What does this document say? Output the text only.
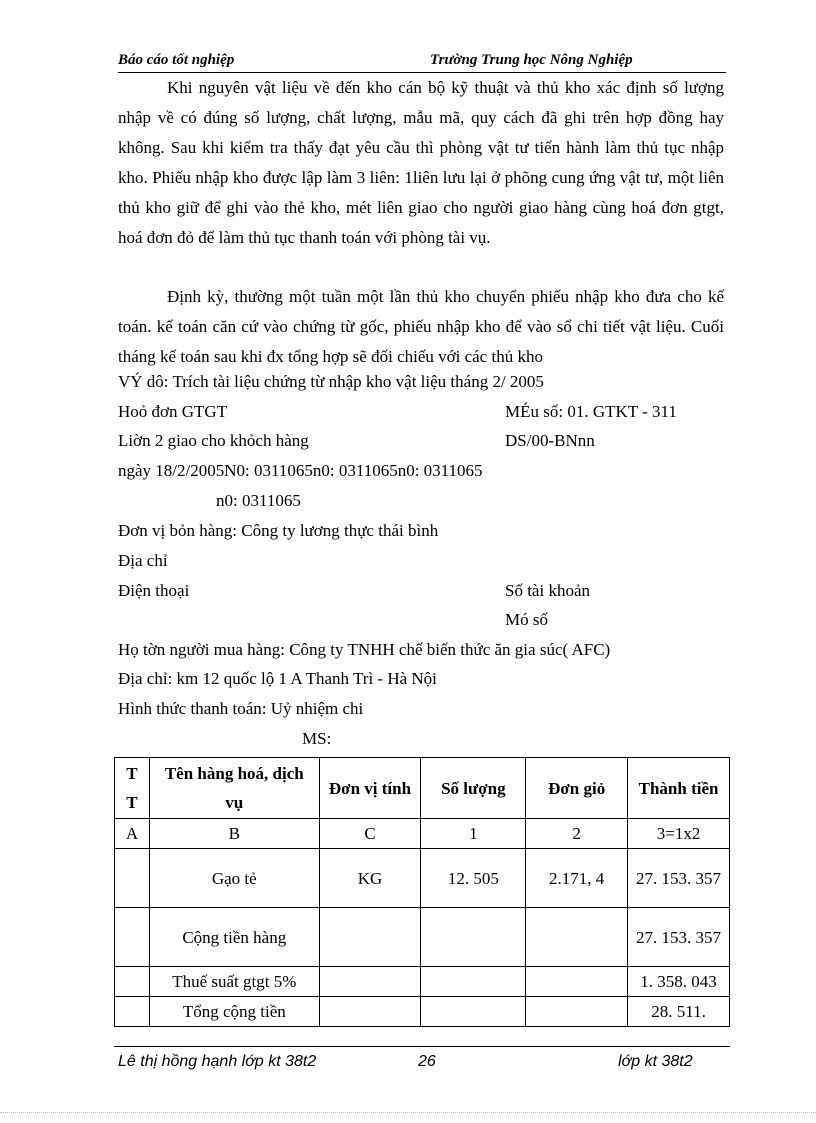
Báo cáo tốt nghiệp	Trường Trung học Nông Nghiệp

Khi nguyên vật liệu về đến kho cán bộ kỹ thuật và thủ kho xác định số lượng nhập về có đúng số lượng, chất lượng, mẫu mã, quy cách đã ghi trên hợp đồng hay không. Sau khi kiểm tra thấy đạt yêu cầu thì phòng vật tư tiến hành làm thủ tục nhập kho. Phiếu nhập kho được lập làm 3 liên: 1liên lưu lại ở phõng cung ứng vật tư, một liên thủ kho giữ để ghi vào thẻ kho, mét liên giao cho người giao hàng cùng hoá đơn gtgt, hoá đơn đỏ để làm thủ tục thanh toán với phòng tài vụ.

Định kỳ, thường một tuần một lần thủ kho chuyển phiếu nhập kho đưa cho kế toán. kế toán căn cứ vào chứng từ gốc, phiếu nhập kho để vào sổ chi tiết vật liệu. Cuối tháng kế toán sau khi đx tổng hợp sẽ đối chiếu với các thủ kho

VÝ dô: Trích tài liệu chứng từ nhập kho vật liệu tháng 2/ 2005
Hoỏ đơn GTGT	MÉu số: 01. GTKT - 311
Liờn 2 giao cho khỏch hàng	DS/00-BNnn
ngày 18/2/2005N0: 0311065n0: 0311065n0: 0311065
n0: 0311065
Đơn vị bỏn hàng: Công ty lương thực thái bình
Địa chỉ
Điện thoại	Số tài khoản
Mó số
Họ tờn người mua hàng: Công ty TNHH chế biến thức ăn gia súc( AFC)
Địa chỉ: km 12 quốc lộ 1 A Thanh Trì - Hà Nội
Hình thức thanh toán: Uỷ nhiệm chi
MS:
T T	Tên hàng hoá, dịch vụ	Đơn vị tính	Số lượng	Đơn giỏ	Thành tiền
A	B	C	1	2	3=1x2
	Gạo tẻ	KG	12. 505	2.171, 4	27. 153. 357
	Cộng tiền hàng				27. 153. 357
	Thuế suất gtgt 5%				1. 358. 043
	Tổng cộng tiền				28. 511.
Lê thị hồng hạnh lớp kt 38t2	26	lớp kt 38t2
